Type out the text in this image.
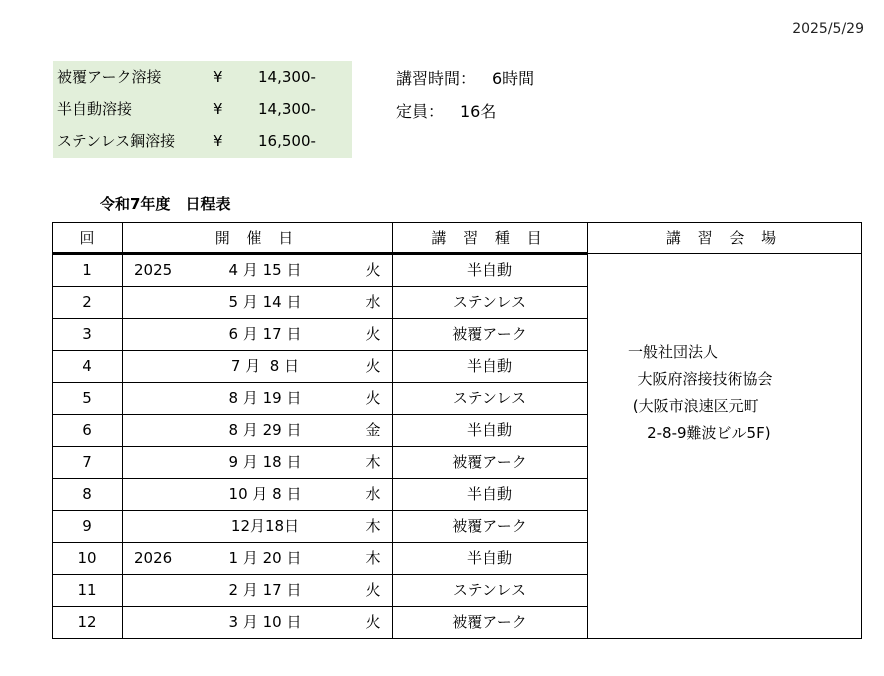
2025/5/29
被覆アーク溶接	¥ 14,300-
半自動溶接	¥ 14,300-
ステンレス鋼溶接	¥ 16,500-
講習時間： 6時間
定員： 16名
令和7年度　日程表
回	開 催 日	講 習 種 目	講 習 会 場
1	2025	4 月 15 日	火	半自動
2	5 月 14 日	水	ステンレス
3	6 月 17 日	火	被覆アーク
4	7 月  8 日	火	半自動
5	8 月 19 日	火	ステンレス
6	8 月 29 日	金	半自動
7	9 月 18 日	木	被覆アーク
8	10 月 8 日	水	半自動
9	12月18日	木	被覆アーク
10	2026	1 月 20 日	木	半自動
11	2 月 17 日	火	ステンレス
12	3 月 10 日	火	被覆アーク
一般社団法人
大阪府溶接技術協会
(大阪市浪速区元町
2-8-9難波ビル5F)
